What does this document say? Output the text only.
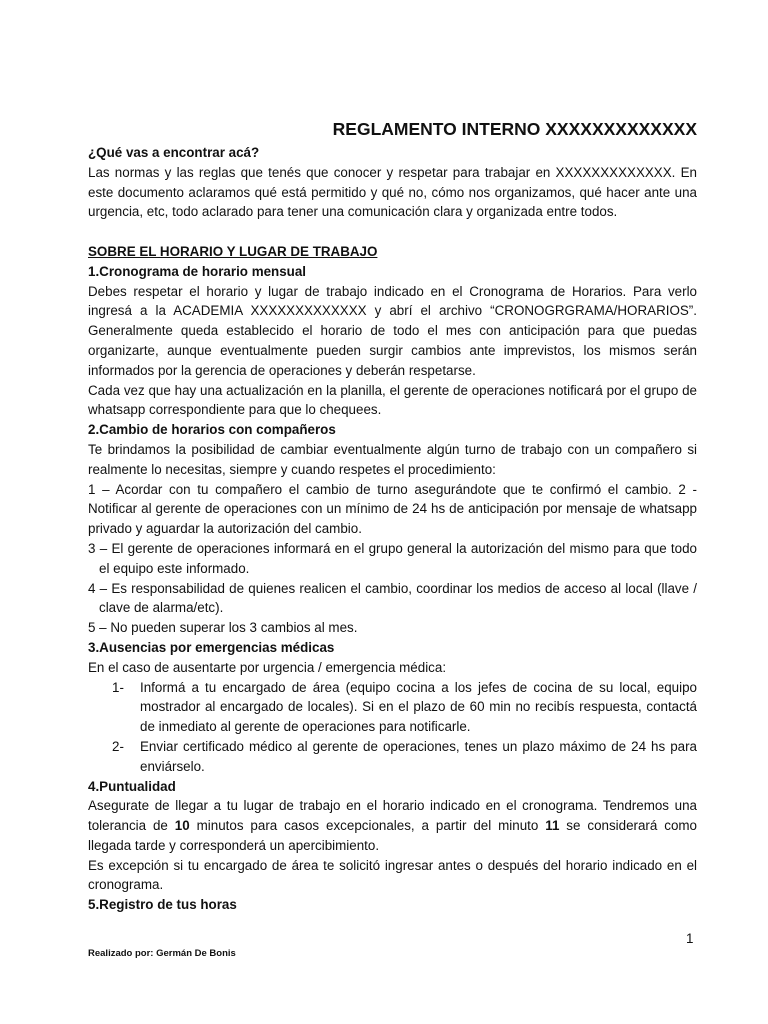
REGLAMENTO INTERNO XXXXXXXXXXXXX

¿Qué vas a encontrar acá?

Las normas y las reglas que tenés que conocer y respetar para trabajar en XXXXXXXXXXXXX. En este documento aclaramos qué está permitido y qué no, cómo nos organizamos, qué hacer ante una urgencia, etc, todo aclarado para tener una comunicación clara y organizada entre todos.

SOBRE EL HORARIO Y LUGAR DE TRABAJO

1.Cronograma de horario mensual

Debes respetar el horario y lugar de trabajo indicado en el Cronograma de Horarios. Para verlo ingresá a la ACADEMIA XXXXXXXXXXXXX y abrí el archivo “CRONOGRGRAMA/HORARIOS”. Generalmente queda establecido el horario de todo el mes con anticipación para que puedas organizarte, aunque eventualmente pueden surgir cambios ante imprevistos, los mismos serán informados por la gerencia de operaciones y deberán respetarse.

Cada vez que hay una actualización en la planilla, el gerente de operaciones notificará por el grupo de whatsapp correspondiente para que lo chequees.

2.Cambio de horarios con compañeros

Te brindamos la posibilidad de cambiar eventualmente algún turno de trabajo con un compañero si realmente lo necesitas, siempre y cuando respetes el procedimiento:

1 – Acordar con tu compañero el cambio de turno asegurándote que te confirmó el cambio. 2 - Notificar al gerente de operaciones con un mínimo de 24 hs de anticipación por mensaje de whatsapp privado y aguardar la autorización del cambio.

3 – El gerente de operaciones informará en el grupo general la autorización del mismo para que todo el equipo este informado.

4 – Es responsabilidad de quienes realicen el cambio, coordinar los medios de acceso al local (llave / clave de alarma/etc).

5 – No pueden superar los 3 cambios al mes.

3.Ausencias por emergencias médicas

En el caso de ausentarte por urgencia / emergencia médica:

1- Informá a tu encargado de área (equipo cocina a los jefes de cocina de su local, equipo mostrador al encargado de locales). Si en el plazo de 60 min no recibís respuesta, contactá de inmediato al gerente de operaciones para notificarle.
2- Enviar certificado médico al gerente de operaciones, tenes un plazo máximo de 24 hs para enviárselo.

4.Puntualidad

Asegurate de llegar a tu lugar de trabajo en el horario indicado en el cronograma. Tendremos una tolerancia de 10 minutos para casos excepcionales, a partir del minuto 11 se considerará como llegada tarde y corresponderá un apercibimiento.

Es excepción si tu encargado de área te solicitó ingresar antes o después del horario indicado en el cronograma.

5.Registro de tus horas

1
Realizado por: Germán De Bonis
